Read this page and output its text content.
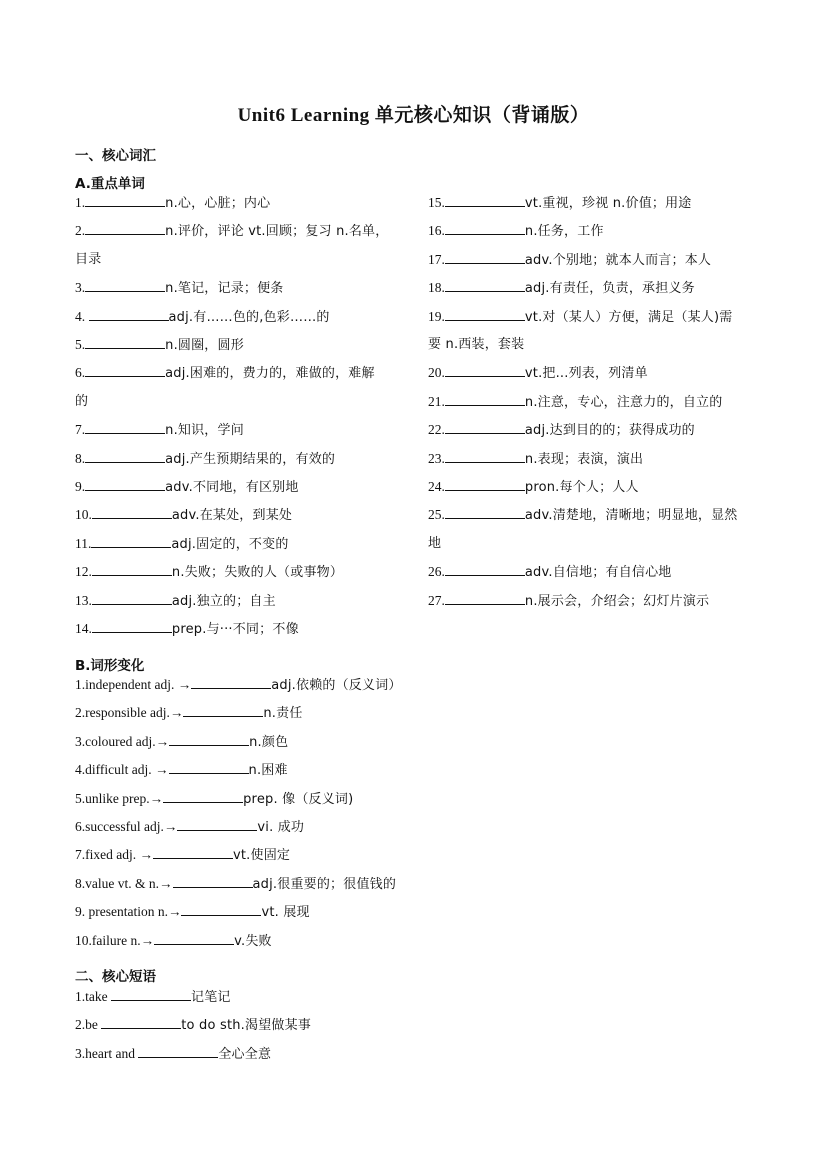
Unit6 Learning 单元核心知识（背诵版）
一、核心词汇
A.重点单词
1.	n.心，心脏；内心
2.	n.评价，评论 vt.回顾；复习 n.名单，
目录
3.	n.笔记，记录；便条
4.	adj.有……色的,色彩……的
5.	n.圆圈，圆形
6.	adj.困难的，费力的，难做的，难解
的
7.	n.知识，学问
8.	adj.产生预期结果的，有效的
9.	adv.不同地，有区别地
10.	adv.在某处，到某处
11.	adj.固定的，不变的
12.	n.失败；失败的人（或事物）
13.	adj.独立的；自主
14.	prep.与···不同；不像
15.	vt.重视，珍视 n.价值；用途
16.	n.任务，工作
17.	adv.个别地；就本人而言；本人
18.	adj.有责任，负责，承担义务
19.	vt.对（某人）方便，满足（某人)需
要 n.西装，套装
20.	vt.把...列表，列清单
21.	n.注意，专心，注意力的，自立的
22.	adj.达到目的的；获得成功的
23.	n.表现；表演，演出
24.	pron.每个人；人人
25.	adv.清楚地，清晰地；明显地，显然
地
26.	adv.自信地；有自信心地
27.	n.展示会，介绍会；幻灯片演示
B.词形变化
1.independent adj. →	adj.依赖的（反义词）
2.responsible adj.→	n.责任
3.coloured adj.→	n.颜色
4.difficult adj. →	n.困难
5.unlike prep.→	prep. 像（反义词)
6.successful adj.→	vi. 成功
7.fixed adj. →	vt.使固定
8.value vt. & n.→	adj.很重要的；很值钱的
9. presentation n.→	vt. 展现
10.failure n.→	v.失败
二、核心短语
1.take	记笔记
2.be	to do sth.渴望做某事
3.heart and	全心全意
